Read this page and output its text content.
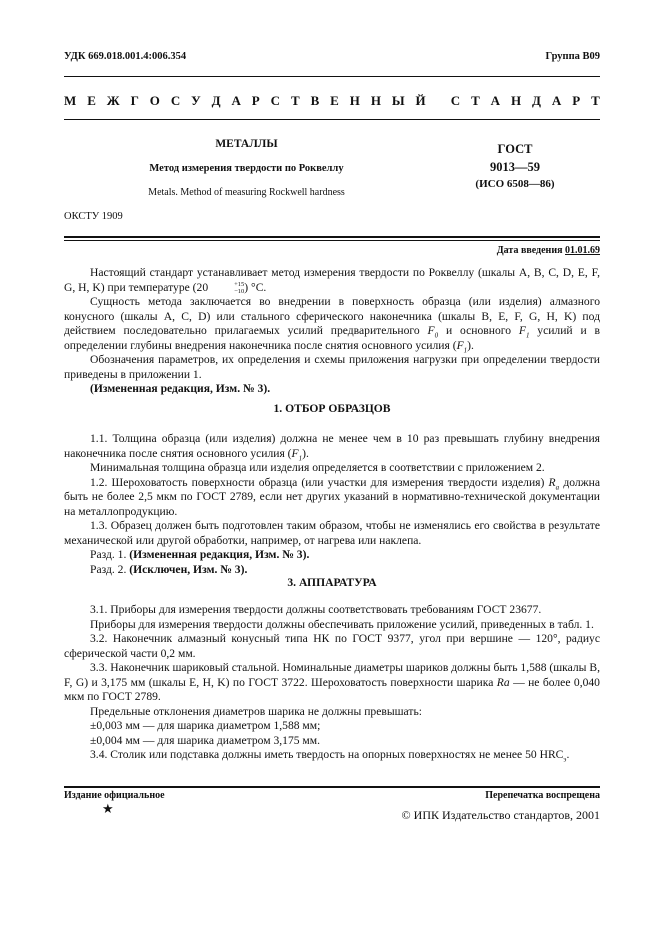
УДК 669.018.001.4:006.354	Группа В09
М Е Ж Г О С У Д А Р С Т В Е Н Н Ы Й
С Т А Н Д А Р Т
МЕТАЛЛЫ
Метод измерения твердости по Роквеллу
Metals. Method of measuring Rockwell hardness
ГОСТ
9013—59
(ИСО 6508—86)
ОКСТУ 1909
Дата введения 01.01.69

Настоящий стандарт устанавливает метод измерения твердости по Роквеллу (шкалы А, В, С, D, Е, F, G, Н, K) при температуре (20	+15
−10 ) °С.

Сущность метода заключается во внедрении в поверхность образца (или изделия) алмазного конусного (шкалы А, С, D) или стального сферического наконечника (шкалы В, Е, F, G, Н, K) под действием последовательно прилагаемых усилий предварительного $F_0$ и основного $F_1$ усилий и в определении глубины внедрения наконечника после снятия основного усилия $(F_1)$.

Обозначения параметров, их определения и схемы приложения нагрузки при определении твердости приведены в приложении 1.

(Измененная редакция, Изм. № 3).

1. ОТБОР ОБРАЗЦОВ

1.1. Толщина образца (или изделия) должна не менее чем в 10 раз превышать глубину внедрения наконечника после снятия основного усилия $(F_1)$.

Минимальная толщина образца или изделия определяется в соответствии с приложением 2.

1.2. Шероховатость поверхности образца (или участки для измерения твердости изделия) $R_a$ должна быть не более 2,5 мкм по ГОСТ 2789, если нет других указаний в нормативно-технической документации на металлопродукцию.

1.3. Образец должен быть подготовлен таким образом, чтобы не изменялись его свойства в результате механической или другой обработки, например, от нагрева или наклепа.

Разд. 1. (Измененная редакция, Изм. № 3).

Разд. 2. (Исключен, Изм. № 3).

3. АППАРАТУРА

3.1. Приборы для измерения твердости должны соответствовать требованиям ГОСТ 23677.

Приборы для измерения твердости должны обеспечивать приложение усилий, приведенных в табл. 1.

3.2. Наконечник алмазный конусный типа НК по ГОСТ 9377, угол при вершине — 120°, радиус сферической части 0,2 мм.

3.3. Наконечник шариковый стальной. Номинальные диаметры шариков должны быть 1,588 (шкалы В, F, G) и 3,175 мм (шкалы Е, Н, K) по ГОСТ 3722. Шероховатость поверхности шарика Ra — не более 0,040 мкм по ГОСТ 2789.

Предельные отклонения диаметров шарика не должны превышать:

±0,003 мм — для шарика диаметром 1,588 мм;

±0,004 мм — для шарика диаметром 3,175 мм.

3.4. Столик или подставка должны иметь твердость на опорных поверхностях не менее 50 $HRC_э$.

Издание официальное	Перепечатка воспрещена
★	© ИПК Издательство стандартов, 2001
